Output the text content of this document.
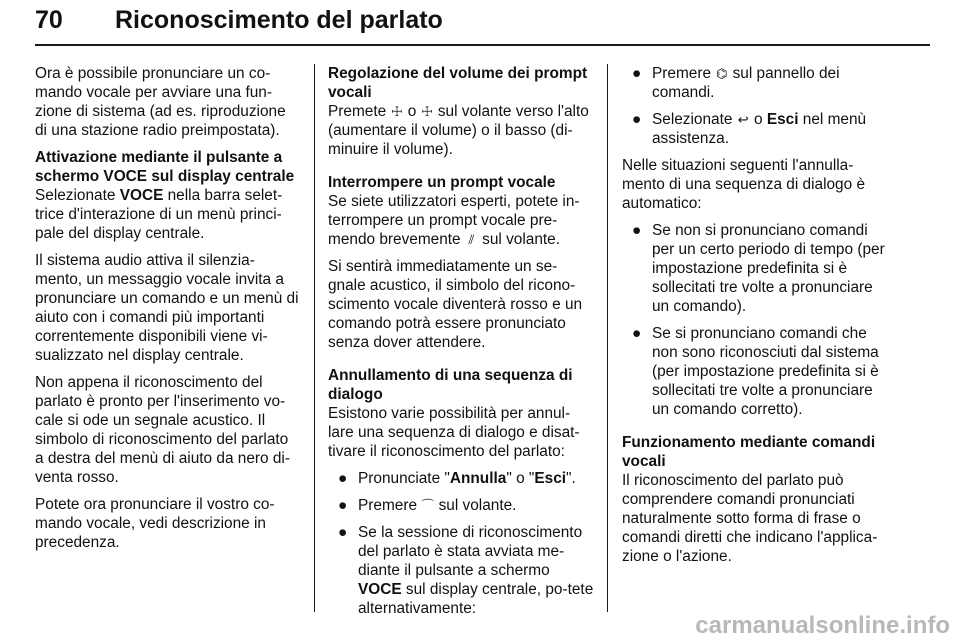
70 Riconoscimento del parlato

Ora è possibile pronunciare un co-mando vocale per avviare una fun-zione di sistema (ad es. riproduzione di una stazione radio preimpostata).

Attivazione mediante il pulsante a schermo VOCE sul display centrale

Selezionate VOCE nella barra selet-trice d'interazione di un menù princi-pale del display centrale.

Il sistema audio attiva il silenzia-mento, un messaggio vocale invita a pronunciare un comando e un menù di aiuto con i comandi più importanti correntemente disponibili viene vi-sualizzato nel display centrale.

Non appena il riconoscimento del parlato è pronto per l'inserimento vo-cale si ode un segnale acustico. Il simbolo di riconoscimento del parlato a destra del menù di aiuto da nero di-venta rosso.

Potete ora pronunciare il vostro co-mando vocale, vedi descrizione in precedenza.

Regolazione del volume dei prompt vocali

Premete ☩ o ☩ sul volante verso l'alto (aumentare il volume) o il basso (di-minuire il volume).

Interrompere un prompt vocale

Se siete utilizzatori esperti, potete in-terrompere un prompt vocale pre-mendo brevemente ⫽ sul volante.

Si sentirà immediatamente un se-gnale acustico, il simbolo del ricono-scimento vocale diventerà rosso e un comando potrà essere pronunciato senza dover attendere.

Annullamento di una sequenza di dialogo

Esistono varie possibilità per annul-lare una sequenza di dialogo e disat-tivare il riconoscimento del parlato:

● Pronunciate "Annulla" o "Esci".
● Premere ⌒ sul volante.
● Se la sessione di riconoscimento del parlato è stata avviata me-diante il pulsante a schermo VOCE sul display centrale, po-tete alternativamente:
● Premere ⌬ sul pannello dei comandi.
● Selezionate ↩ o Esci nel menù assistenza.

Nelle situazioni seguenti l'annulla-mento di una sequenza di dialogo è automatico:

● Se non si pronunciano comandi per un certo periodo di tempo (per impostazione predefinita si è sollecitati tre volte a pronunciare un comando).
● Se si pronunciano comandi che non sono riconosciuti dal sistema (per impostazione predefinita si è sollecitati tre volte a pronunciare un comando corretto).
Funzionamento mediante comandi vocali

Il riconoscimento del parlato può comprendere comandi pronunciati naturalmente sotto forma di frase o comandi diretti che indicano l'applica-zione o l'azione.

carmanualsonline.info
